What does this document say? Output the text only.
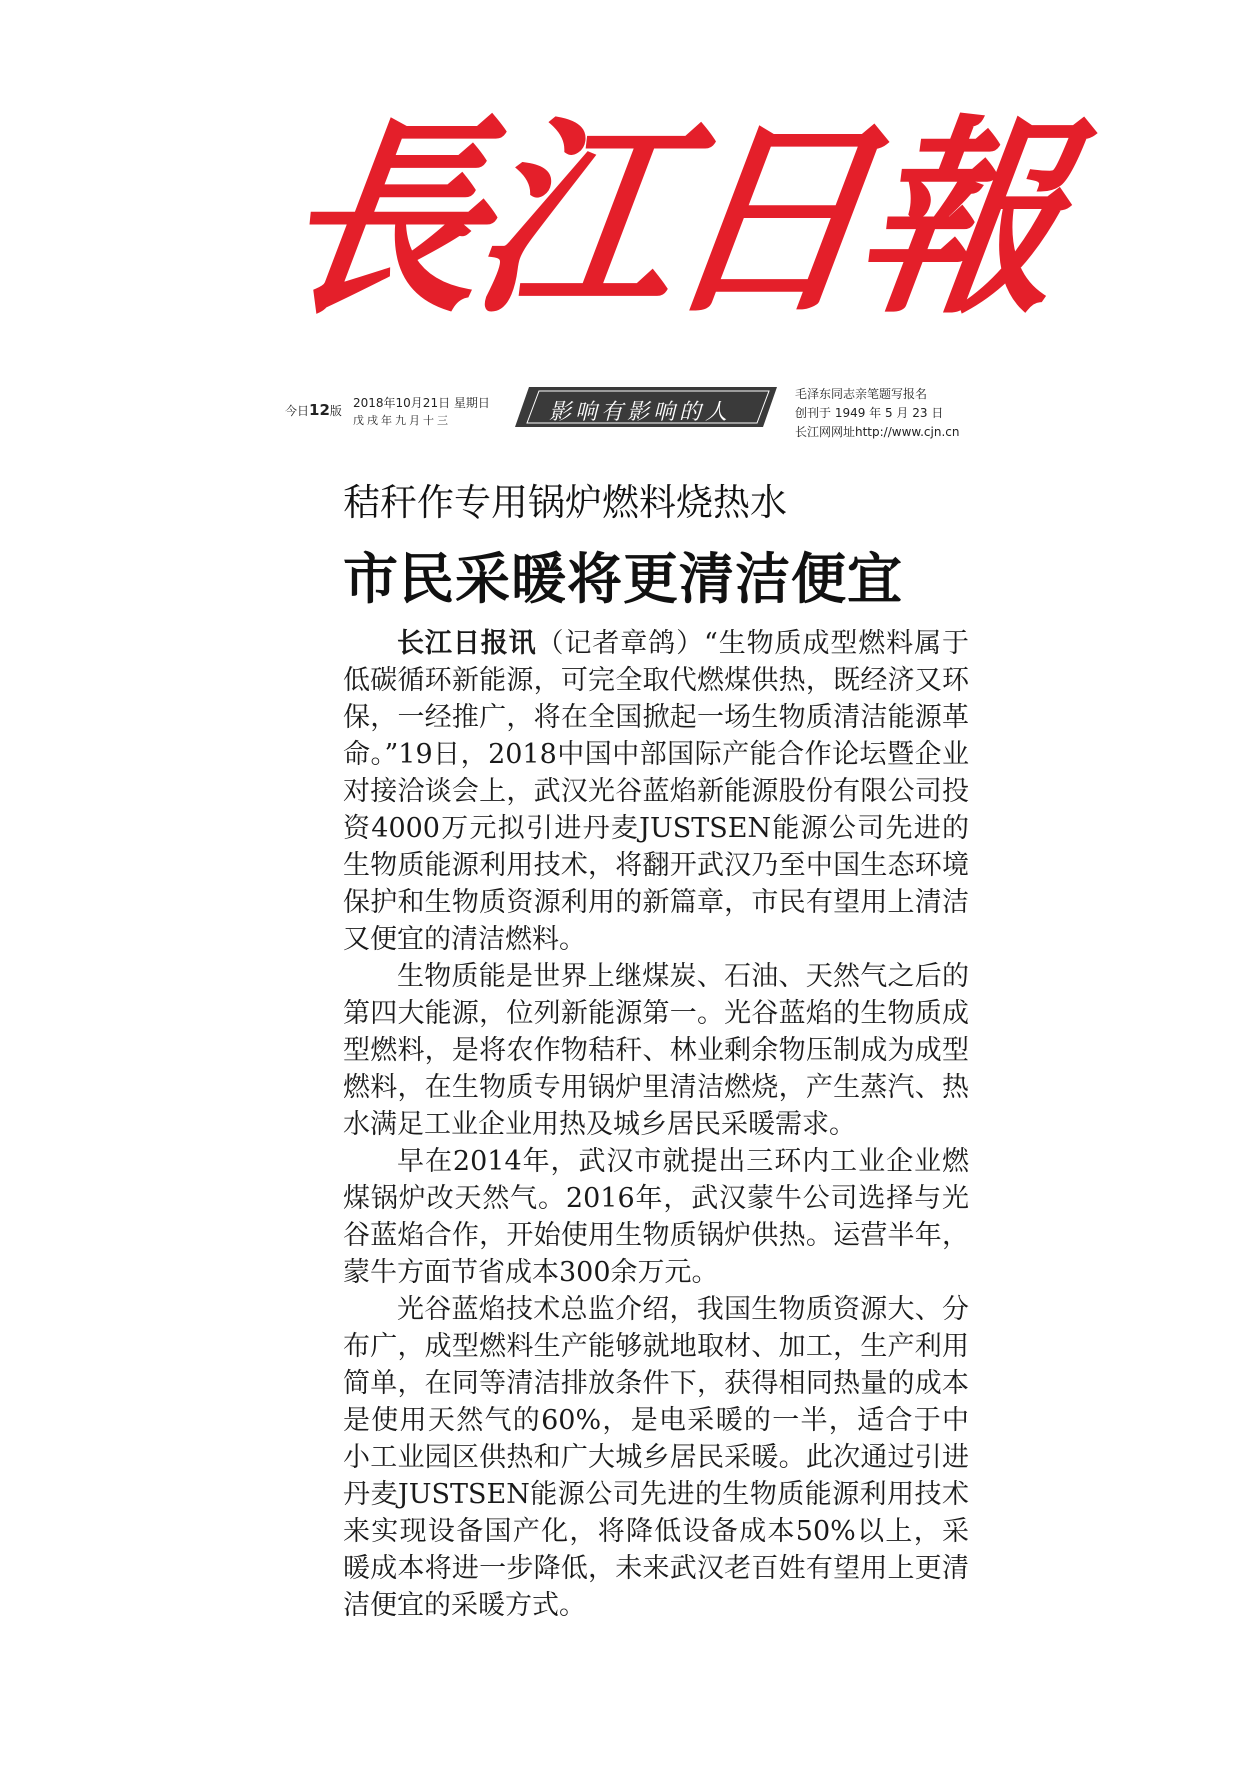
長江日報
今日12版
2018年10月21日 星期日
戊戌年九月十三	影响有影响的人
毛泽东同志亲笔题写报名
创刊于 1949 年 5 月 23 日
长江网网址http://www.cjn.cn
秸秆作专用锅炉燃料烧热水
市民采暖将更清洁便宜

长江日报讯（记者章鸽）“生物质成型燃料属于低碳循环新能源，可完全取代燃煤供热，既经济又环保，一经推广，将在全国掀起一场生物质清洁能源革命。”19日，2018中国中部国际产能合作论坛暨企业对接洽谈会上，武汉光谷蓝焰新能源股份有限公司投资4000万元拟引进丹麦JUSTSEN能源公司先进的生物质能源利用技术，将翻开武汉乃至中国生态环境保护和生物质资源利用的新篇章，市民有望用上清洁又便宜的清洁燃料。

生物质能是世界上继煤炭、石油、天然气之后的第四大能源，位列新能源第一。光谷蓝焰的生物质成型燃料，是将农作物秸秆、林业剩余物压制成为成型燃料，在生物质专用锅炉里清洁燃烧，产生蒸汽、热水满足工业企业用热及城乡居民采暖需求。

早在2014年，武汉市就提出三环内工业企业燃煤锅炉改天然气。2016年，武汉蒙牛公司选择与光谷蓝焰合作，开始使用生物质锅炉供热。运营半年，蒙牛方面节省成本300余万元。

光谷蓝焰技术总监介绍，我国生物质资源大、分布广，成型燃料生产能够就地取材、加工，生产利用简单，在同等清洁排放条件下，获得相同热量的成本是使用天然气的60%，是电采暖的一半，适合于中小工业园区供热和广大城乡居民采暖。此次通过引进丹麦JUSTSEN能源公司先进的生物质能源利用技术来实现设备国产化，将降低设备成本50%以上，采暖成本将进一步降低，未来武汉老百姓有望用上更清洁便宜的采暖方式。
